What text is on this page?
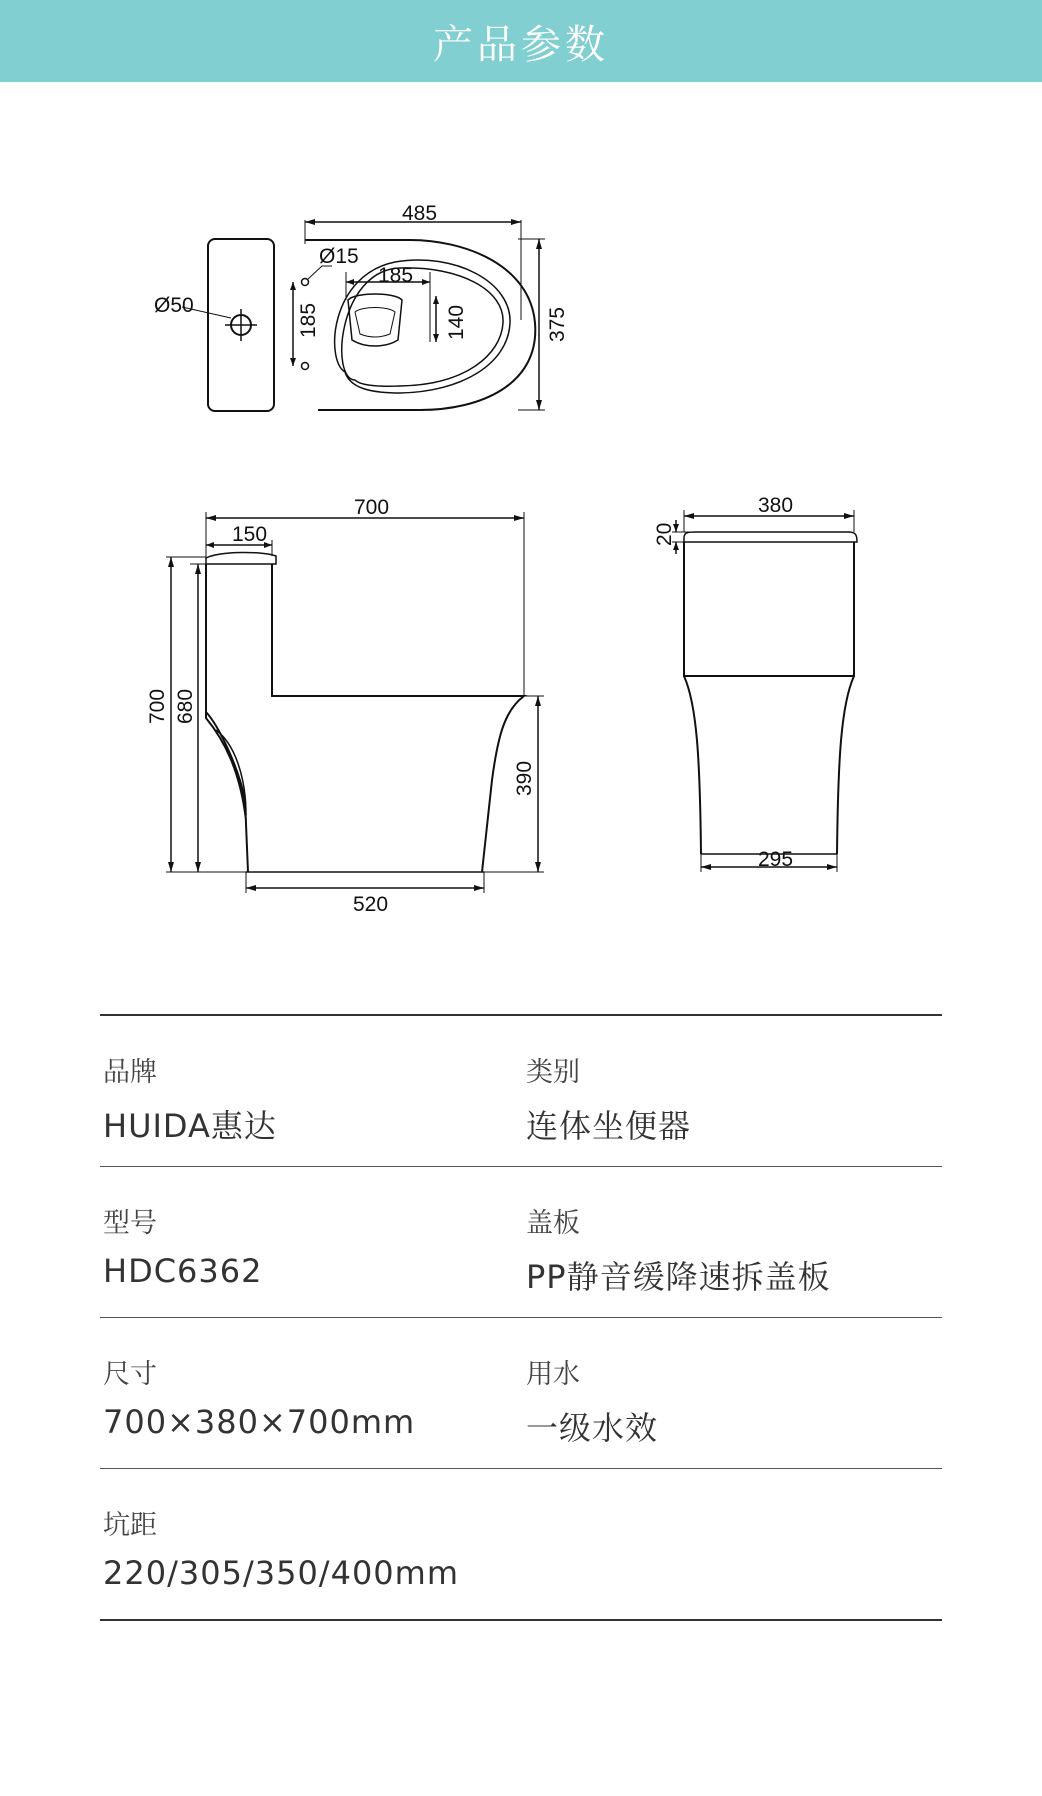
产品参数
485
375
Ø50
Ø15
185
185
140
700
150
700 680
390
520
380
20
295
品牌
HUIDA惠达
类别
连体坐便器
型号
HDC6362
盖板
PP静音缓降速拆盖板
尺寸
700×380×700mm
用水
一级水效
坑距
220/305/350/400mm
